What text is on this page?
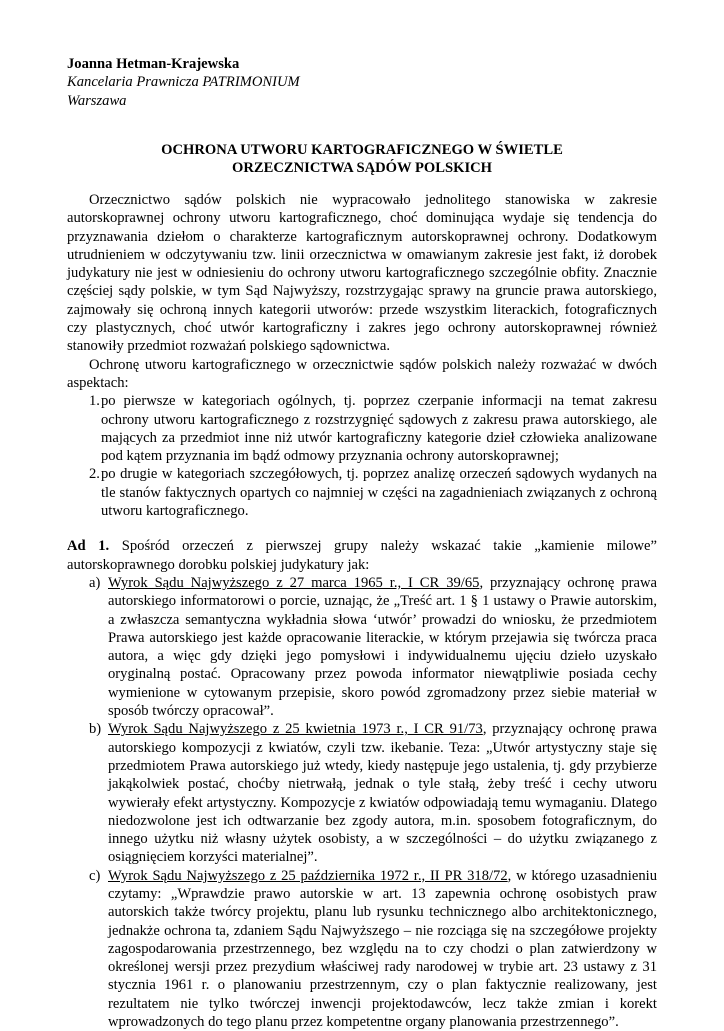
Joanna Hetman-Krajewska
Kancelaria Prawnicza PATRIMONIUM
Warszawa
OCHRONA UTWORU KARTOGRAFICZNEGO W ŚWIETLE
ORZECZNICTWA SĄDÓW POLSKICH

Orzecznictwo sądów polskich nie wypracowało jednolitego stanowiska w zakresie autorskoprawnej ochrony utworu kartograficznego, choć dominująca wydaje się tendencja do przyznawania dziełom o charakterze kartograficznym autorskoprawnej ochrony. Dodatkowym utrudnieniem w odczytywaniu tzw. linii orzecznictwa w omawianym zakresie jest fakt, iż dorobek judykatury nie jest w odniesieniu do ochrony utworu kartograficznego szczególnie obfity. Znacznie częściej sądy polskie, w tym Sąd Najwyższy, rozstrzygając sprawy na gruncie prawa autorskiego, zajmowały się ochroną innych kategorii utworów: przede wszystkim literackich, fotograficznych czy plastycznych, choć utwór kartograficzny i zakres jego ochrony autorskoprawnej również stanowiły przedmiot rozważań polskiego sądownictwa.

Ochronę utworu kartograficznego w orzecznictwie sądów polskich należy rozważać w dwóch aspektach:

1. po pierwsze w kategoriach ogólnych, tj. poprzez czerpanie informacji na temat zakresu ochrony utworu kartograficznego z rozstrzygnięć sądowych z zakresu prawa autorskiego, ale mających za przedmiot inne niż utwór kartograficzny kategorie dzieł człowieka analizowane pod kątem przyznania im bądź odmowy przyznania ochrony autorskoprawnej;
2. po drugie w kategoriach szczegółowych, tj. poprzez analizę orzeczeń sądowych wydanych na tle stanów faktycznych opartych co najmniej w części na zagadnieniach związanych z ochroną utworu kartograficznego.

Ad 1. Spośród orzeczeń z pierwszej grupy należy wskazać takie „kamienie milowe” autorskoprawnego dorobku polskiej judykatury jak:

a) Wyrok Sądu Najwyższego z 27 marca 1965 r., I CR 39/65, przyznający ochronę prawa autorskiego informatorowi o porcie, uznając, że „Treść art. 1 § 1 ustawy o Prawie autorskim, a zwłaszcza semantyczna wykładnia słowa ‘utwór’ prowadzi do wniosku, że przedmiotem Prawa autorskiego jest każde opracowanie literackie, w którym przejawia się twórcza praca autora, a więc gdy dzięki jego pomysłowi i indywidualnemu ujęciu dzieło uzyskało oryginalną postać. Opracowany przez powoda informator niewątpliwie posiada cechy wymienione w cytowanym przepisie, skoro powód zgromadzony przez siebie materiał w sposób twórczy opracował”.
b) Wyrok Sądu Najwyższego z 25 kwietnia 1973 r., I CR 91/73, przyznający ochronę prawa autorskiego kompozycji z kwiatów, czyli tzw. ikebanie. Teza: „Utwór artystyczny staje się przedmiotem Prawa autorskiego już wtedy, kiedy następuje jego ustalenia, tj. gdy przybierze jakąkolwiek postać, choćby nietrwałą, jednak o tyle stałą, żeby treść i cechy utworu wywierały efekt artystyczny. Kompozycje z kwiatów odpowiadają temu wymaganiu. Dlatego niedozwolone jest ich odtwarzanie bez zgody autora, m.in. sposobem fotograficznym, do innego użytku niż własny użytek osobisty, a w szczególności – do użytku związanego z osiągnięciem korzyści materialnej”.
c) Wyrok Sądu Najwyższego z 25 października 1972 r., II PR 318/72, w którego uzasadnieniu czytamy: „Wprawdzie prawo autorskie w art. 13 zapewnia ochronę osobistych praw autorskich także twórcy projektu, planu lub rysunku technicznego albo architektonicznego, jednakże ochrona ta, zdaniem Sądu Najwyższego – nie rozciąga się na szczegółowe projekty zagospodarowania przestrzennego, bez względu na to czy chodzi o plan zatwierdzony w określonej wersji przez prezydium właściwej rady narodowej w trybie art. 23 ustawy z 31 stycznia 1961 r. o planowaniu przestrzennym, czy o plan faktycznie realizowany, jest rezultatem nie tylko twórczej inwencji projektodawców, lecz także zmian i korekt wprowadzonych do tego planu przez kompetentne organy planowania przestrzennego”.
